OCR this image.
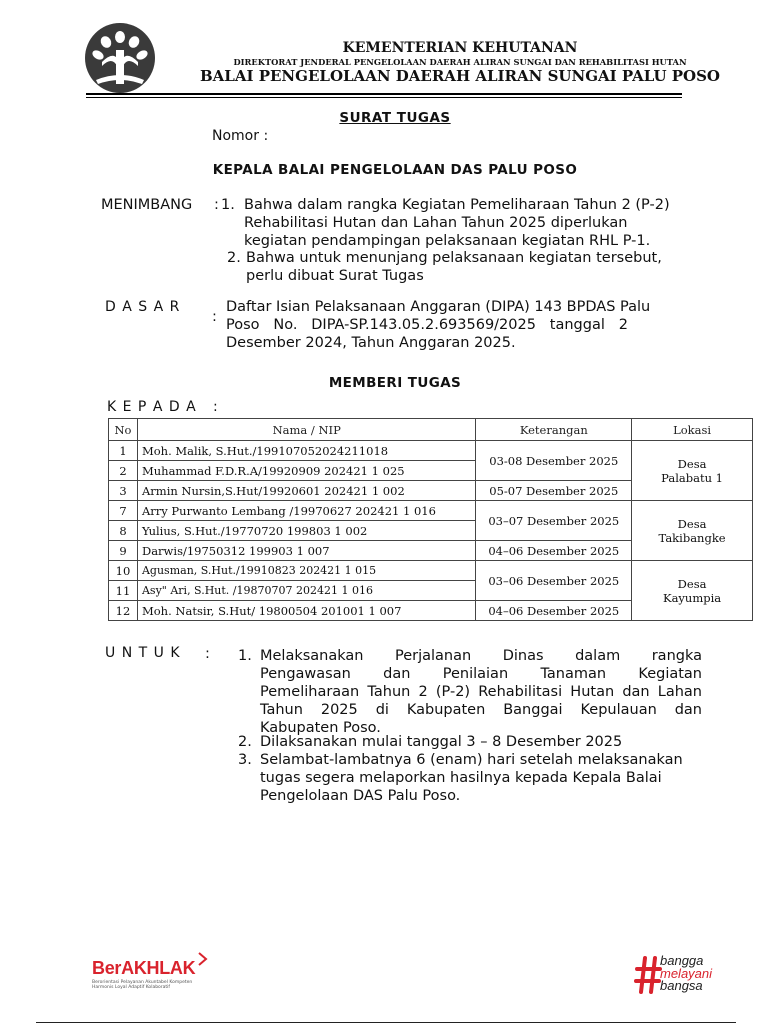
KEMENTERIAN KEHUTANAN
DIREKTORAT JENDERAL PENGELOLAAN DAERAH ALIRAN SUNGAI DAN REHABILITASI HUTAN
BALAI PENGELOLAAN DAERAH ALIRAN SUNGAI PALU POSO
SURAT TUGAS
Nomor :
KEPALA BALAI PENGELOLAAN DAS PALU POSO
MENIMBANG : 1. Bahwa dalam rangka Kegiatan Pemeliharaan Tahun 2 (P-2)
Rehabilitasi Hutan dan Lahan Tahun 2025 diperlukan
kegiatan pendampingan pelaksanaan kegiatan RHL P-1.
2. Bahwa untuk menunjang pelaksanaan kegiatan tersebut,
perlu dibuat Surat Tugas
D A S A R
:
Daftar Isian Pelaksanaan Anggaran (DIPA) 143 BPDAS Palu
Poso   No.   DIPA-SP.143.05.2.693569/2025   tanggal   2
Desember 2024, Tahun Anggaran 2025.
MEMBERI TUGAS
K E P A D A   :
No	Nama / NIP	Keterangan	Lokasi
1	Moh. Malik, S.Hut./199107052024211018	03-08 Desember 2025	Desa
Palabatu 1

2	Muhammad F.D.R.A/19920909 202421 1 025		
3	Armin Nursin,S.Hut/19920601 202421 1 002	05-07 Desember 2025	
7	Arry Purwanto Lembang /19970627 202421 1 016	03–07 Desember 2025	Desa
Takibangke

8	Yulius, S.Hut./19770720 199803 1 002		
9	Darwis/19750312 199903 1 007	04–06 Desember 2025	
10	Agusman, S.Hut./19910823 202421 1 015	03–06 Desember 2025	Desa
Kayumpia

11	Asy" Ari, S.Hut. /19870707 202421 1 016		
12	Moh. Natsir, S.Hut/ 19800504 201001 1 007	04–06 Desember 2025	
U N T U K : 1. Melaksanakan Perjalanan Dinas dalam rangka
Pengawasan dan Penilaian Tanaman Kegiatan
Pemeliharaan Tahun 2 (P-2) Rehabilitasi Hutan dan Lahan
Tahun 2025 di Kabupaten Banggai Kepulauan dan
Kabupaten Poso.
2. Dilaksanakan mulai tanggal 3 – 8 Desember 2025
3. Selambat-lambatnya 6 (enam) hari setelah melaksanakan
tugas segera melaporkan hasilnya kepada Kepala Balai
Pengelolaan DAS Palu Poso.
BerAKHLAK
Berorientasi Pelayanan Akuntabel Kompeten
Harmonis Loyal Adaptif Kolaboratif
bangga
melayani
bangsa
